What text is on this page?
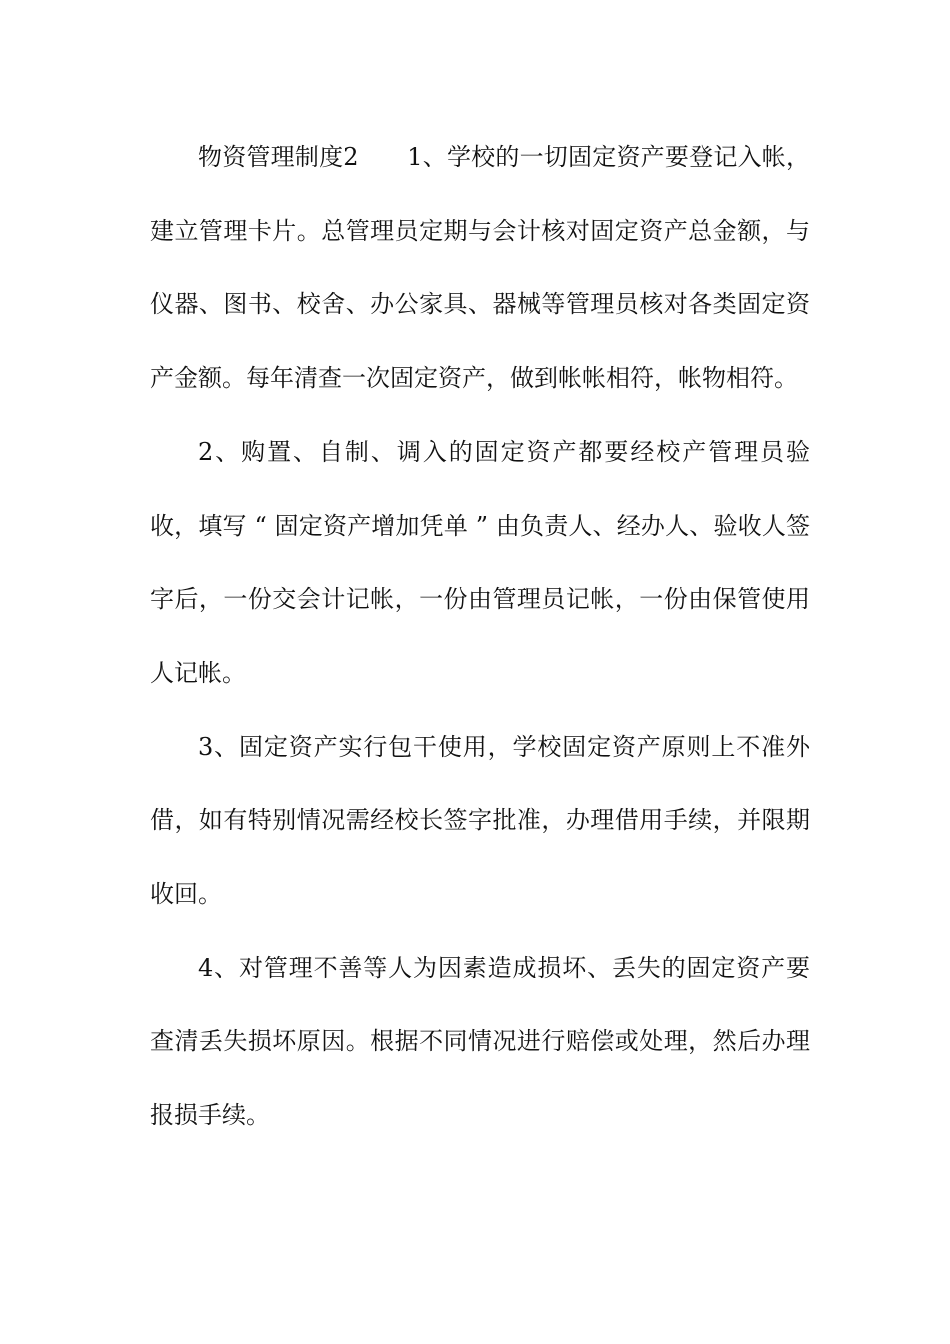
物资管理制度2　　1、学校的一切固定资产要登记入帐，建立管理卡片。总管理员定期与会计核对固定资产总金额，与仪器、图书、校舍、办公家具、器械等管理员核对各类固定资产金额。每年清查一次固定资产，做到帐帐相符，帐物相符。

2、购置、自制、调入的固定资产都要经校产管理员验收，填写 “ 固定资产增加凭单 ” 由负责人、经办人、验收人签字后，一份交会计记帐，一份由管理员记帐，一份由保管使用人记帐。

3、固定资产实行包干使用，学校固定资产原则上不准外借，如有特别情况需经校长签字批准，办理借用手续，并限期收回。

4、对管理不善等人为因素造成损坏、丢失的固定资产要查清丢失损坏原因。根据不同情况进行赔偿或处理，然后办理报损手续。
